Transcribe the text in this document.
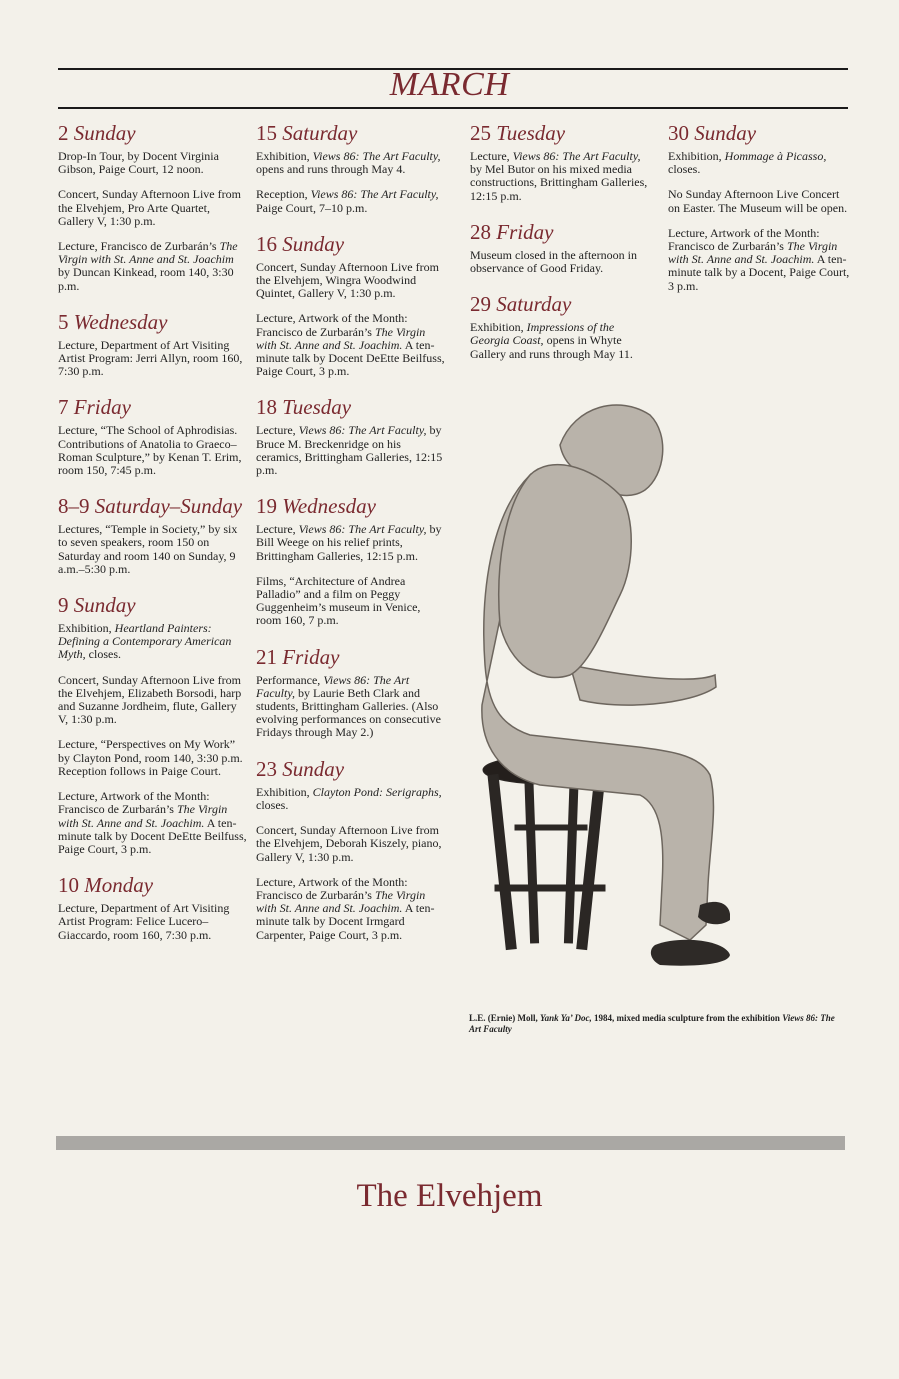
MARCH
2 Sunday
Drop-In Tour, by Docent Virginia Gibson, Paige Court, 12 noon.
Concert, Sunday Afternoon Live from the Elvehjem, Pro Arte Quartet, Gallery V, 1:30 p.m.
Lecture, Francisco de Zurbarán’s The Virgin with St. Anne and St. Joachim by Duncan Kinkead, room 140, 3:30 p.m.
5 Wednesday
Lecture, Department of Art Visiting Artist Program: Jerri Allyn, room 160, 7:30 p.m.
7 Friday
Lecture, “The School of Aphrodisias. Contributions of Anatolia to Graeco–Roman Sculpture,” by Kenan T. Erim, room 150, 7:45 p.m.
8–9 Saturday–Sunday
Lectures, “Temple in Society,” by six to seven speakers, room 150 on Saturday and room 140 on Sunday, 9 a.m.–5:30 p.m.
9 Sunday
Exhibition, Heartland Painters: Defining a Contemporary American Myth, closes.
Concert, Sunday Afternoon Live from the Elvehjem, Elizabeth Borsodi, harp and Suzanne Jordheim, flute, Gallery V, 1:30 p.m.
Lecture, “Perspectives on My Work” by Clayton Pond, room 140, 3:30 p.m. Reception follows in Paige Court.
Lecture, Artwork of the Month: Francisco de Zurbarán’s The Virgin with St. Anne and St. Joachim. A ten-minute talk by Docent DeEtte Beilfuss, Paige Court, 3 p.m.
10 Monday
Lecture, Department of Art Visiting Artist Program: Felice Lucero–Giaccardo, room 160, 7:30 p.m.
15 Saturday
Exhibition, Views 86: The Art Faculty, opens and runs through May 4.
Reception, Views 86: The Art Faculty, Paige Court, 7–10 p.m.
16 Sunday
Concert, Sunday Afternoon Live from the Elvehjem, Wingra Woodwind Quintet, Gallery V, 1:30 p.m.
Lecture, Artwork of the Month: Francisco de Zurbarán’s The Virgin with St. Anne and St. Joachim. A ten-minute talk by Docent DeEtte Beilfuss, Paige Court, 3 p.m.
18 Tuesday
Lecture, Views 86: The Art Faculty, by Bruce M. Breckenridge on his ceramics, Brittingham Galleries, 12:15 p.m.
19 Wednesday
Lecture, Views 86: The Art Faculty, by Bill Weege on his relief prints, Brittingham Galleries, 12:15 p.m.
Films, “Architecture of Andrea Palladio” and a film on Peggy Guggenheim’s museum in Venice, room 160, 7 p.m.
21 Friday
Performance, Views 86: The Art Faculty, by Laurie Beth Clark and students, Brittingham Galleries. (Also evolving performances on consecutive Fridays through May 2.)
23 Sunday
Exhibition, Clayton Pond: Serigraphs, closes.
Concert, Sunday Afternoon Live from the Elvehjem, Deborah Kiszely, piano, Gallery V, 1:30 p.m.
Lecture, Artwork of the Month: Francisco de Zurbarán’s The Virgin with St. Anne and St. Joachim. A ten-minute talk by Docent Irmgard Carpenter, Paige Court, 3 p.m.
25 Tuesday
Lecture, Views 86: The Art Faculty, by Mel Butor on his mixed media constructions, Brittingham Galleries, 12:15 p.m.
28 Friday
Museum closed in the afternoon in observance of Good Friday.
29 Saturday
Exhibition, Impressions of the Georgia Coast, opens in Whyte Gallery and runs through May 11.
30 Sunday
Exhibition, Hommage à Picasso, closes.
No Sunday Afternoon Live Concert on Easter. The Museum will be open.
Lecture, Artwork of the Month: Francisco de Zurbarán’s The Virgin with St. Anne and St. Joachim. A ten-minute talk by a Docent, Paige Court, 3 p.m.
L.E. (Ernie) Moll, Yank Ya’ Doc, 1984, mixed media sculpture from the exhibition Views 86: The Art Faculty
The Elvehjem
